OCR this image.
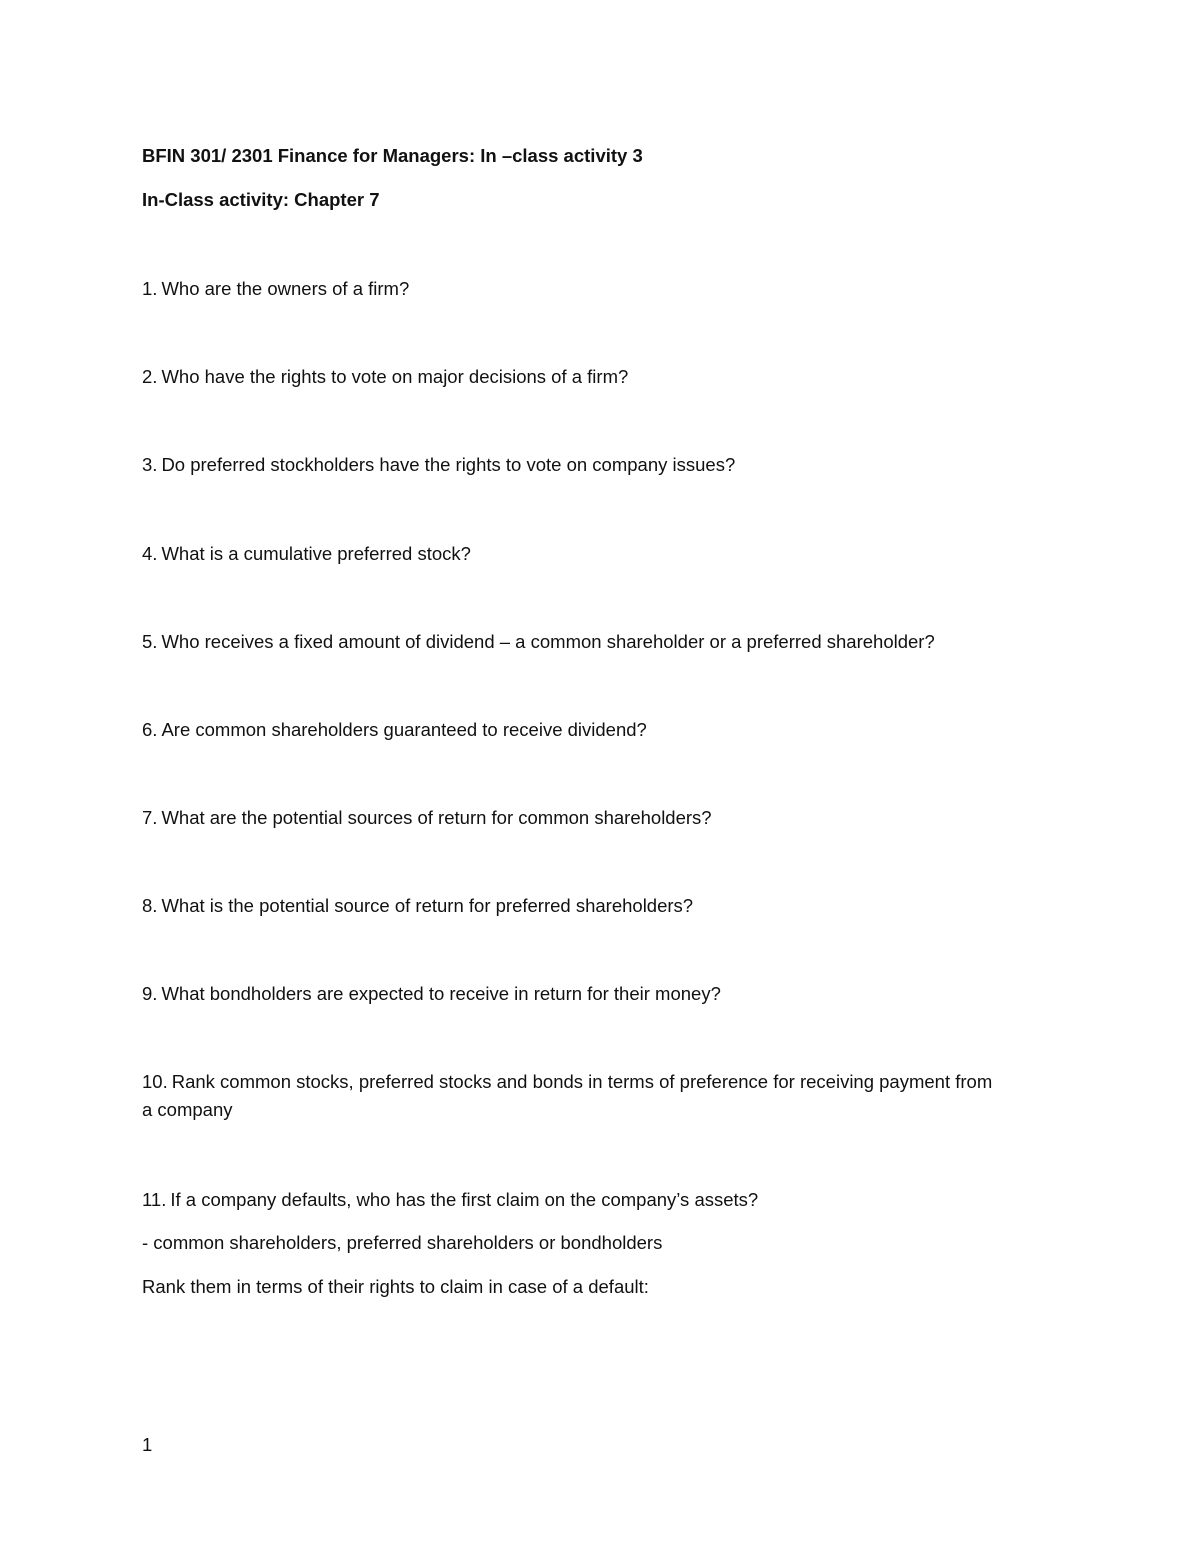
BFIN 301/ 2301 Finance for Managers: In –class activity 3

In-Class activity: Chapter 7

1. Who are the owners of a firm?

2. Who have the rights to vote on major decisions of a firm?

3. Do preferred stockholders have the rights to vote on company issues?

4. What is a cumulative preferred stock?

5. Who receives a fixed amount of dividend – a common shareholder or a preferred shareholder?

6. Are common shareholders guaranteed to receive dividend?

7. What are the potential sources of return for common shareholders?

8. What is the potential source of return for preferred shareholders?

9. What bondholders are expected to receive in return for their money?

10. Rank common stocks, preferred stocks and bonds in terms of preference for receiving payment from

a company

11. If a company defaults, who has the first claim on the company’s assets?

- common shareholders, preferred shareholders or bondholders

Rank them in terms of their rights to claim in case of a default:

1
